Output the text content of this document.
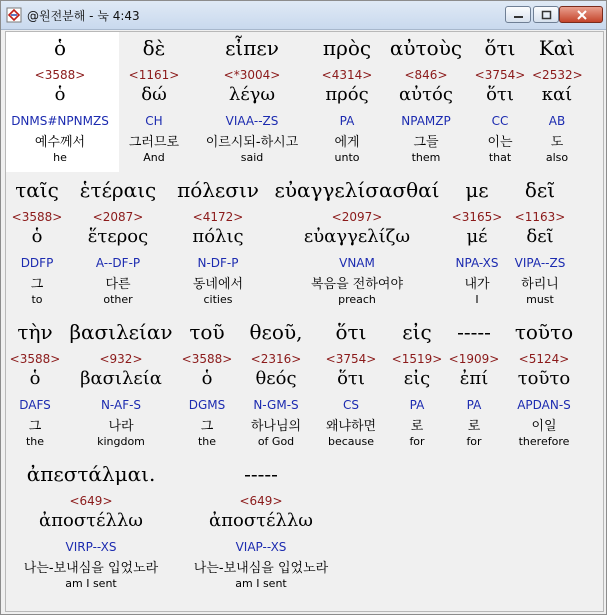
@원전분해 - 눅 4:43
ὁ
<3588>
ὁ
DNMS#NPNMZS
예수께서
he
δὲ
<1161>
δώ
CH
그러므로
And
εἶπεν
<*3004>
λέγω
VIAA--ZS
이르시되-하시고
said
πρὸς
<4314>
πρός
PA
에게
unto
αὐτοὺς
<846>
αὐτός
NPAMZP
그들
them
ὅτι
<3754>
ὅτι
CC
이는
that
Καὶ
<2532>
καί
AB
도
also
ταῖς
<3588>
ὁ
DDFP
그
to
ἑτέραις
<2087>
ἕτερος
A--DF-P
다른
other
πόλεσιν
<4172>
πόλις
N-DF-P
동네에서
cities
εὐαγγελίσασθαί
<2097>
εὐαγγελίζω
VNAM
복음을 전하여야
preach
με
<3165>
μέ
NPA-XS
내가
I
δεῖ
<1163>
δεῖ
VIPA--ZS
하리니
must
τὴν
<3588>
ὁ
DAFS
그
the
βασιλείαν
<932>
βασιλεία
N-AF-S
나라
kingdom
τοῦ
<3588>
ὁ
DGMS
그
the
θεοῦ,
<2316>
θεός
N-GM-S
하나님의
of God
ὅτι
<3754>
ὅτι
CS
왜냐하면
because
εἰς
<1519>
εἰς
PA
로
for
-----
<1909>
ἐπί
PA
로
for
τοῦτο
<5124>
τοῦτο
APDAN-S
이일
therefore
ἀπεστάλμαι.
<649>
ἀποστέλλω
VIRP--XS
나는-보내심을 입었노라
am I sent
-----
<649>
ἀποστέλλω
VIAP--XS
나는-보내심을 입었노라
am I sent
